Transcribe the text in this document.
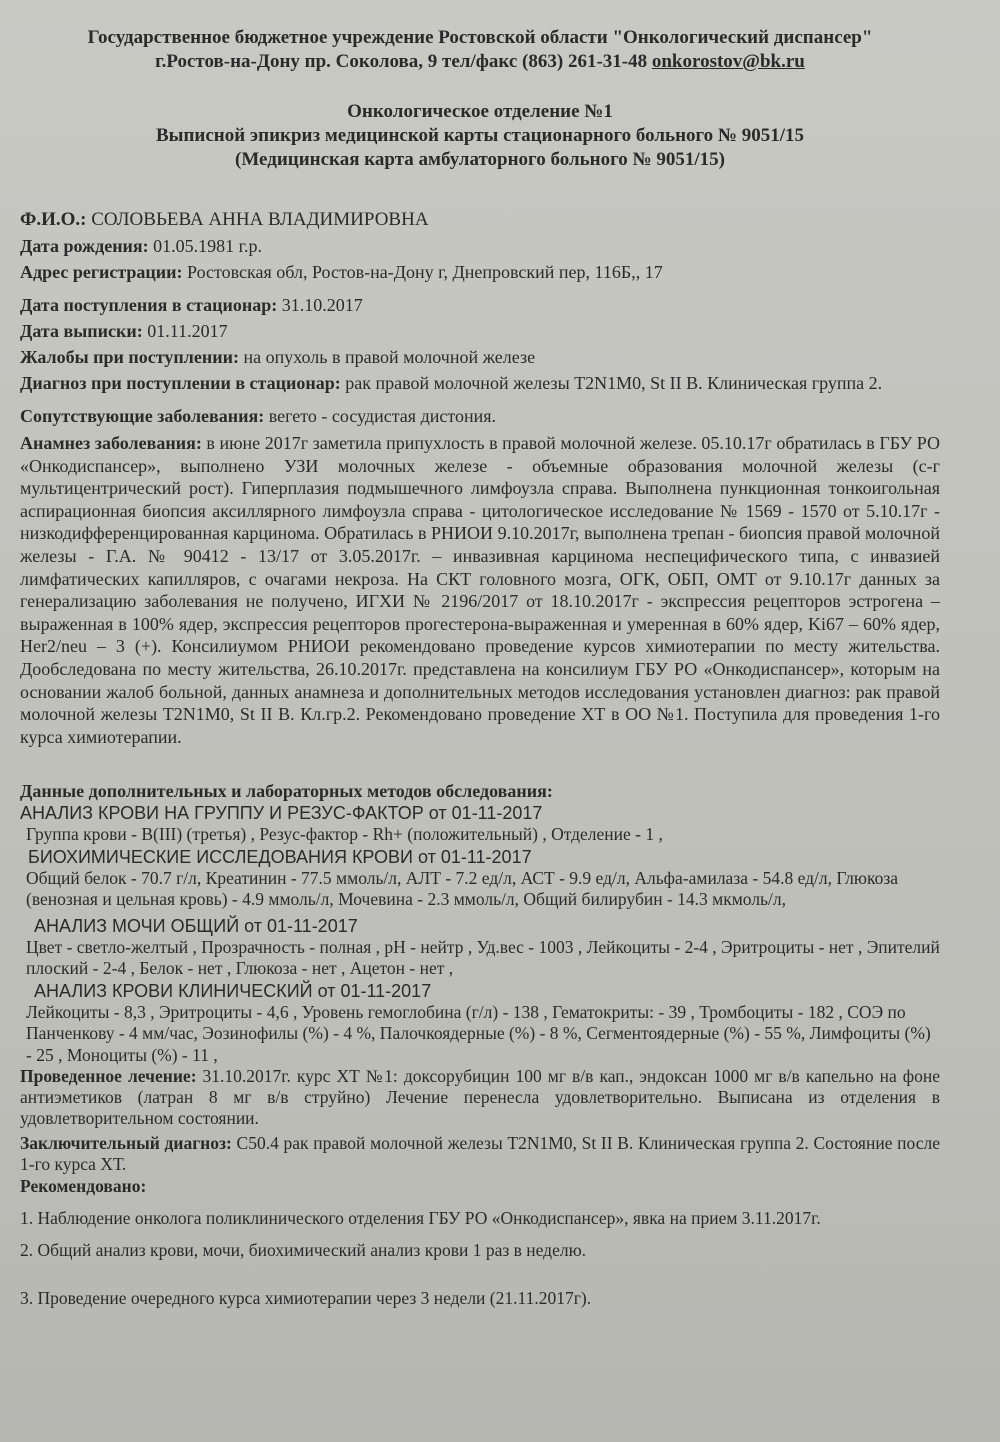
Государственное бюджетное учреждение Ростовской области "Онкологический диспансер"
г.Ростов-на-Дону пр. Соколова, 9 тел/факс (863) 261-31-48 onkorostov@bk.ru
Онкологическое отделение №1
Выписной эпикриз медицинской карты стационарного больного № 9051/15
(Медицинская карта амбулаторного больного № 9051/15)
Ф.И.О.: СОЛОВЬЕВА АННА ВЛАДИМИРОВНА
Дата рождения: 01.05.1981 г.р.
Адрес регистрации: Ростовская обл, Ростов-на-Дону г, Днепровский пер, 116Б,, 17
Дата поступления в стационар: 31.10.2017
Дата выписки: 01.11.2017
Жалобы при поступлении: на опухоль в правой молочной железе
Диагноз при поступлении в стационар: рак правой молочной железы T2N1M0, St II B. Клиническая группа 2.
Сопутствующие заболевания: вегето - сосудистая дистония.
Анамнез заболевания: в июне 2017г заметила припухлость в правой молочной железе. 05.10.17г обратилась в ГБУ РО «Онкодиспансер», выполнено УЗИ молочных железе - объемные образования молочной железы (с-г мультицентрический рост). Гиперплазия подмышечного лимфоузла справа. Выполнена пункционная тонкоигольная аспирационная биопсия аксиллярного лимфоузла справа - цитологическое исследование № 1569 - 1570 от 5.10.17г - низкодифференцированная карцинома. Обратилась в РНИОИ 9.10.2017г, выполнена трепан - биопсия правой молочной железы - Г.А. № 90412 - 13/17 от 3.05.2017г. – инвазивная карцинома неспецифического типа, с инвазией лимфатических капилляров, с очагами некроза. На СКТ головного мозга, ОГК, ОБП, ОМТ от 9.10.17г данных за генерализацию заболевания не получено, ИГХИ № 2196/2017 от 18.10.2017г - экспрессия рецепторов эстрогена – выраженная в 100% ядер, экспрессия рецепторов прогестерона-выраженная и умеренная в 60% ядер, Ki67 – 60% ядер, Her2/neu – 3 (+). Консилиумом РНИОИ рекомендовано проведение курсов химиотерапии по месту жительства. Дообследована по месту жительства, 26.10.2017г. представлена на консилиум ГБУ РО «Онкодиспансер», которым на основании жалоб больной, данных анамнеза и дополнительных методов исследования установлен диагноз: рак правой молочной железы T2N1M0, St II B. Кл.гр.2. Рекомендовано проведение ХТ в ОО №1. Поступила для проведения 1-го курса химиотерапии.
Данные дополнительных и лабораторных методов обследования:
АНАЛИЗ КРОВИ НА ГРУППУ И РЕЗУС-ФАКТОР от 01-11-2017
Группа крови - В(III) (третья) , Резус-фактор - Rh+ (положительный) , Отделение - 1 ,
БИОХИМИЧЕСКИЕ ИССЛЕДОВАНИЯ КРОВИ от 01-11-2017
Общий белок - 70.7 г/л, Креатинин - 77.5 ммоль/л, АЛТ - 7.2 ед/л, АСТ - 9.9 ед/л, Альфа-амилаза - 54.8 ед/л, Глюкоза (венозная и цельная кровь) - 4.9 ммоль/л, Мочевина - 2.3 ммоль/л, Общий билирубин - 14.3 мкмоль/л,
АНАЛИЗ МОЧИ ОБЩИЙ от 01-11-2017
Цвет - светло-желтый , Прозрачность - полная , pH - нейтр , Уд.вес - 1003 , Лейкоциты - 2-4 , Эритроциты - нет , Эпителий плоский - 2-4 , Белок - нет , Глюкоза - нет , Ацетон - нет ,
АНАЛИЗ КРОВИ КЛИНИЧЕСКИЙ от 01-11-2017
Лейкоциты - 8,3 , Эритроциты - 4,6 , Уровень гемоглобина (г/л) - 138 , Гематокриты: - 39 , Тромбоциты - 182 , СОЭ по Панченкову - 4 мм/час, Эозинофилы (%) - 4 %, Палочкоядерные (%) - 8 %, Сегментоядерные (%) - 55 %, Лимфоциты (%) - 25 , Моноциты (%) - 11 ,
Проведенное лечение: 31.10.2017г. курс ХТ №1: доксорубицин 100 мг в/в кап., эндоксан 1000 мг в/в капельно на фоне антиэметиков (латран 8 мг в/в струйно) Лечение перенесла удовлетворительно. Выписана из отделения в удовлетворительном состоянии.
Заключительный диагноз: C50.4 рак правой молочной железы T2N1M0, St II B. Клиническая группа 2. Состояние после 1-го курса ХТ.

Рекомендовано:

1. Наблюдение онколога поликлинического отделения ГБУ РО «Онкодиспансер», явка на прием 3.11.2017г.

2. Общий анализ крови, мочи, биохимический анализ крови 1 раз в неделю.

3. Проведение очередного курса химиотерапии через 3 недели (21.11.2017г).
